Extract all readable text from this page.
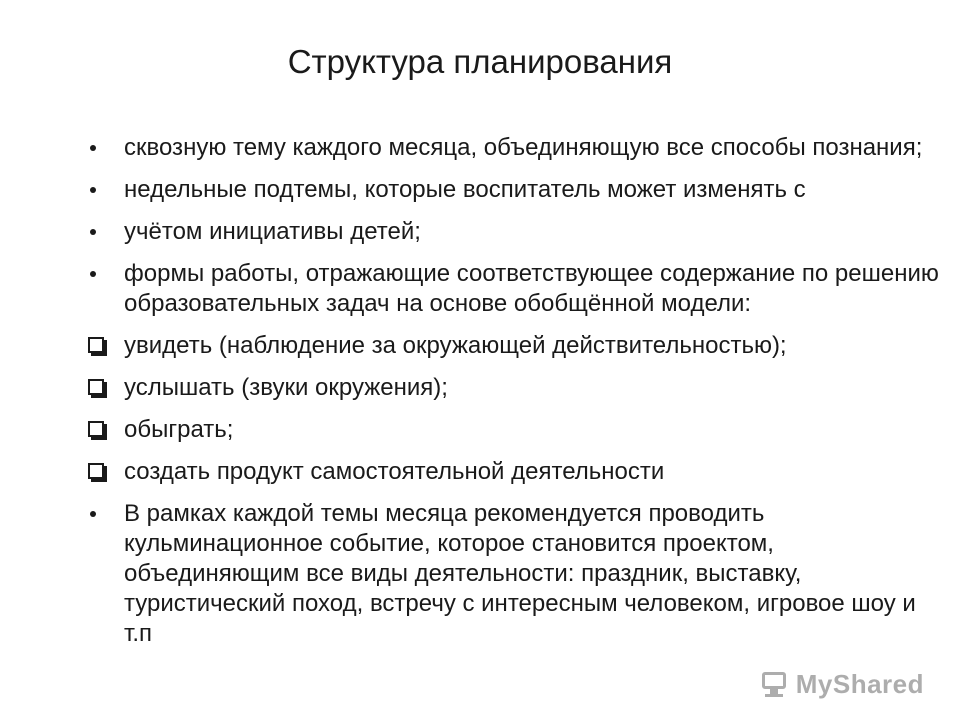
Структура планирования
сквозную тему каждого месяца, объединяющую все способы познания;
недельные подтемы, которые воспитатель может изменять с
учётом инициативы детей;
формы работы, отражающие соответствующее содержание по решению образовательных задач на основе обобщённой модели:
увидеть (наблюдение за окружающей действительностью);
услышать (звуки окружения);
обыграть;
создать продукт самостоятельной деятельности
В рамках каждой темы месяца рекомендуется проводить кульминационное событие, которое становится проектом, объединяющим все виды деятельности: праздник, выставку, туристический поход, встречу с интересным человеком, игровое шоу и т.п
MyShared
